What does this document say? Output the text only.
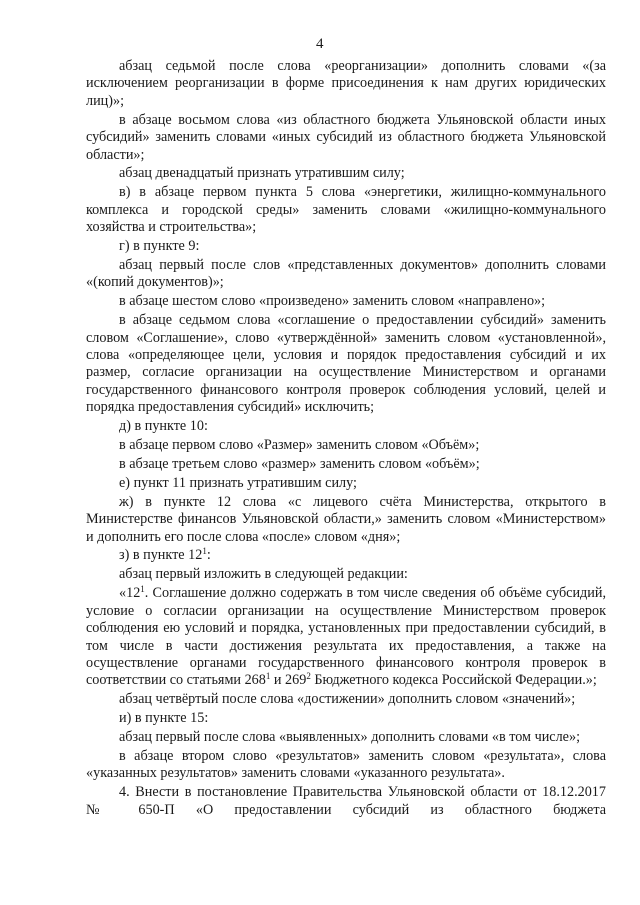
4

абзац седьмой после слова «реорганизации» дополнить словами «(за исключением реорганизации в форме присоединения к нам других юридических лиц)»;

в абзаце восьмом слова «из областного бюджета Ульяновской области иных субсидий» заменить словами «иных субсидий из областного бюджета Ульяновской области»;

абзац двенадцатый признать утратившим силу;

в) в абзаце первом пункта 5 слова «энергетики, жилищно-коммунального комплекса и городской среды» заменить словами «жилищно-коммунального хозяйства и строительства»;

г) в пункте 9:

абзац первый после слов «представленных документов» дополнить словами «(копий документов)»;

в абзаце шестом слово «произведено» заменить словом «направлено»;

в абзаце седьмом слова «соглашение о предоставлении субсидий» заменить словом «Соглашение», слово «утверждённой» заменить словом «установленной», слова «определяющее цели, условия и порядок предоставления субсидий и их размер, согласие организации на осуществление Министерством и органами государственного финансового контроля проверок соблюдения условий, целей и порядка предоставления субсидий» исключить;

д) в пункте 10:

в абзаце первом слово «Размер» заменить словом «Объём»;

в абзаце третьем слово «размер» заменить словом «объём»;

е) пункт 11 признать утратившим силу;

ж) в пункте 12 слова «с лицевого счёта Министерства, открытого в Министерстве финансов Ульяновской области,» заменить словом «Министерством» и дополнить его после слова «после» словом «дня»;

з) в пункте $12^1$:

абзац первый изложить в следующей редакции:

«$12^1$. Соглашение должно содержать в том числе сведения об объёме субсидий, условие о согласии организации на осуществление Министерством проверок соблюдения ею условий и порядка, установленных при предоставлении субсидий, в том числе в части достижения результата их предоставления, а также на осуществление органами государственного финансового контроля проверок в соответствии со статьями $268^1$ и $269^2$ Бюджетного кодекса Российской Федерации.»;

абзац четвёртый после слова «достижении» дополнить словом «значений»;

и) в пункте 15:

абзац первый после слова «выявленных» дополнить словами «в том числе»;

в абзаце втором слово «результатов» заменить словом «результата», слова «указанных результатов» заменить словами «указанного результата».

4. Внести в постановление Правительства Ульяновской области от 18.12.2017 № 650-П «О предоставлении субсидий из областного бюджета
